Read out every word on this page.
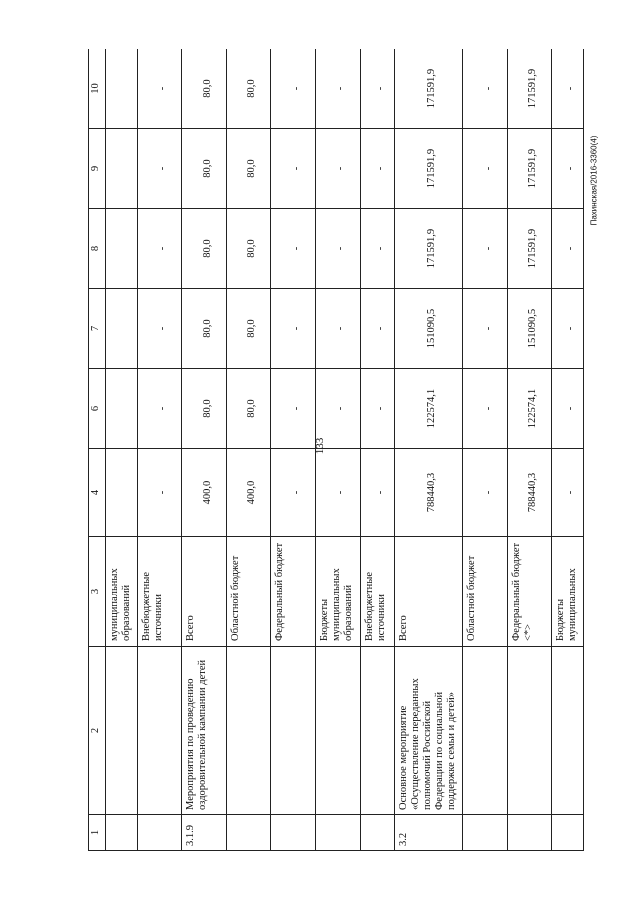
133
Пахинская/2016-3360(4)
1	2	3	4	6	7	8	9	10
		муниципальных образований						
		Внебюджетные источники	-	-	-	-	-	-
3.1.9	Мероприятия по проведению оздоровительной кампании детей	Всего	400,0	80,0	80,0	80,0	80,0	80,0
		Областной бюджет	400,0	80,0	80,0	80,0	80,0	80,0
		Федеральный бюджет	-	-	-	-	-	-
		Бюджеты муниципальных образований	-	-	-	-	-	-
		Внебюджетные источники	-	-	-	-	-	-
3.2	Основное мероприятие «Осуществление переданных полномочий Российской Федерации по социальной поддержке семьи и детей»	Всего	788440,3	122574,1	151090,5	171591,9	171591,9	171591,9
		Областной бюджет	-	-	-	-	-	-
		Федеральный бюджет <*>	788440,3	122574,1	151090,5	171591,9	171591,9	171591,9
		Бюджеты муниципальных	-	-	-	-	-	-
